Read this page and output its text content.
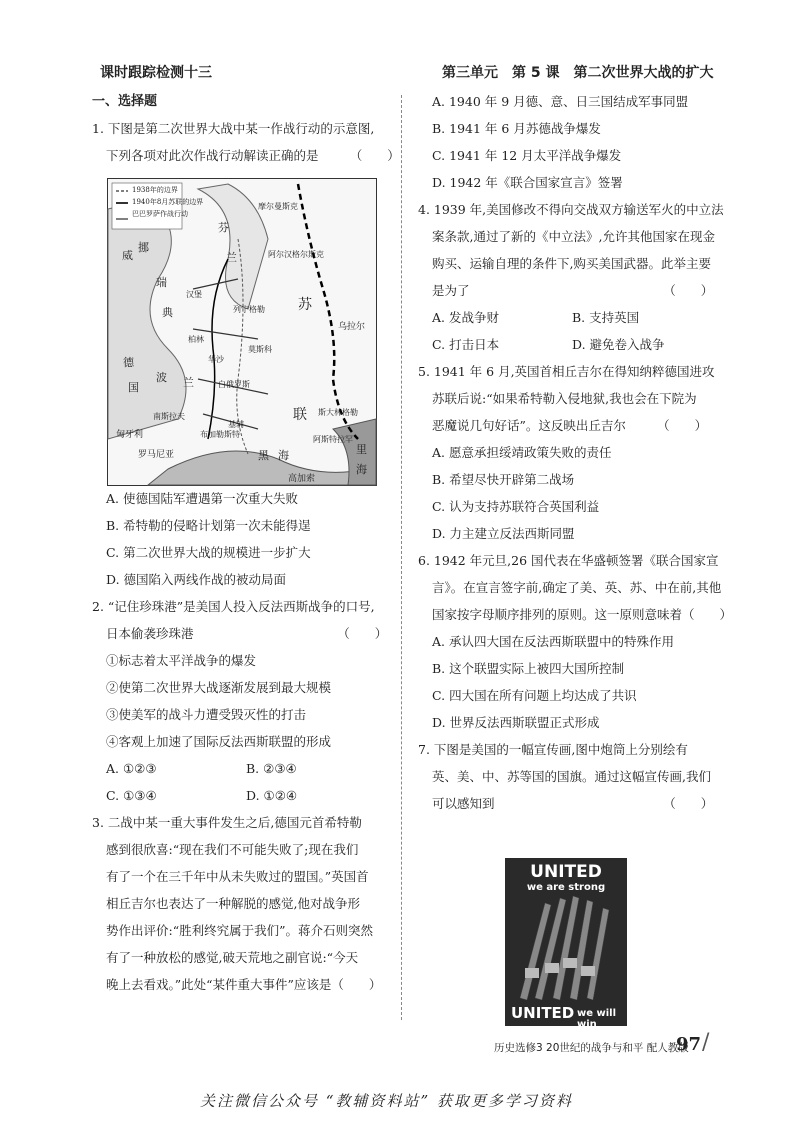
课时跟踪检测十三	第三单元　第 5 课　第二次世界大战的扩大
一、选择题
1. 下图是第二次世界大战中某一作战行动的示意图,
下列各项对此次作战行动解读正确的是　　　（　　）
1938年的边界
1940年8月苏联的边界
巴巴罗萨作战行动
威
挪
瑞
典
芬
兰
苏
联
德
国
波 兰
罗马尼亚
匈牙利
黑 海	里
海
高加索
莫斯科
列宁格勒
斯大林格勒
白俄罗斯
基辅
阿斯特拉罕
阿尔汉格尔斯克
汉堡
柏林
华沙
布加勒斯特
南斯拉夫
摩尔曼斯克
乌拉尔
A. 使德国陆军遭遇第一次重大失败
B. 希特勒的侵略计划第一次未能得逞
C. 第二次世界大战的规模进一步扩大
D. 德国陷入两线作战的被动局面
2. “记住珍珠港”是美国人投入反法西斯战争的口号,
日本偷袭珍珠港　　　　　　　　　　　　（　　）
①标志着太平洋战争的爆发
②使第二次世界大战逐渐发展到最大规模
③使美军的战斗力遭受毁灭性的打击
④客观上加速了国际反法西斯联盟的形成
A. ①②③	B. ②③④
C. ①③④	D. ①②④
3. 二战中某一重大事件发生之后,德国元首希特勒
感到很欣喜:“现在我们不可能失败了;现在我们
有了一个在三千年中从未失败过的盟国。”英国首
相丘吉尔也表达了一种解脱的感觉,他对战争形
势作出评价:“胜利终究属于我们”。蒋介石则突然
有了一种放松的感觉,破天荒地之副官说:“今天
晚上去看戏。”此处“某件重大事件”应该是（　　）
A. 1940 年 9 月德、意、日三国结成军事同盟
B. 1941 年 6 月苏德战争爆发
C. 1941 年 12 月太平洋战争爆发
D. 1942 年《联合国家宣言》签署
4. 1939 年,美国修改不得向交战双方输送军火的中立法
案条款,通过了新的《中立法》,允许其他国家在现金
购买、运输自理的条件下,购买美国武器。此举主要
是为了　　　　　　　　　　　　　　　　（　　）
A. 发战争财	B. 支持英国
C. 打击日本	D. 避免卷入战争
5. 1941 年 6 月,英国首相丘吉尔在得知纳粹德国进攻
苏联后说:“如果希特勒入侵地狱,我也会在下院为
恶魔说几句好话”。这反映出丘吉尔　　　（　　）
A. 愿意承担绥靖政策失败的责任
B. 希望尽快开辟第二战场
C. 认为支持苏联符合英国利益
D. 力主建立反法西斯同盟
6. 1942 年元旦,26 国代表在华盛顿签署《联合国家宣
言》。在宣言签字前,确定了美、英、苏、中在前,其他
国家按字母顺序排列的原则。这一原则意味着（　　）
A. 承认四大国在反法西斯联盟中的特殊作用
B. 这个联盟实际上被四大国所控制
C. 四大国在所有问题上均达成了共识
D. 世界反法西斯联盟正式形成
7. 下图是美国的一幅宣传画,图中炮筒上分别绘有
英、美、中、苏等国的国旗。通过这幅宣传画,我们
可以感知到　　　　　　　　　　　　　　（　　）
UNITED
we are strong
UNITED we will win
历史选修3 20世纪的战争与和平 配人教版
97 /
关注微信公众号 “教辅资料站” 获取更多学习资料
